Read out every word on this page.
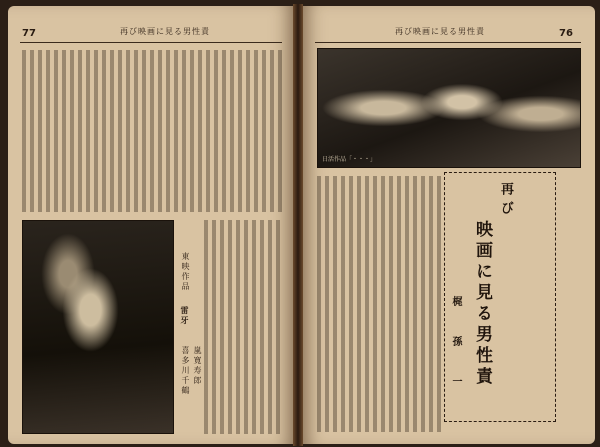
77	再び映画に見る男性責
東映作品
雷牙
嵐寛寿郎
喜多川千鶴
76
再び映画に見る男性責
日活作品「・・・」
再び
映画に見る男性責
梶　孫　一
